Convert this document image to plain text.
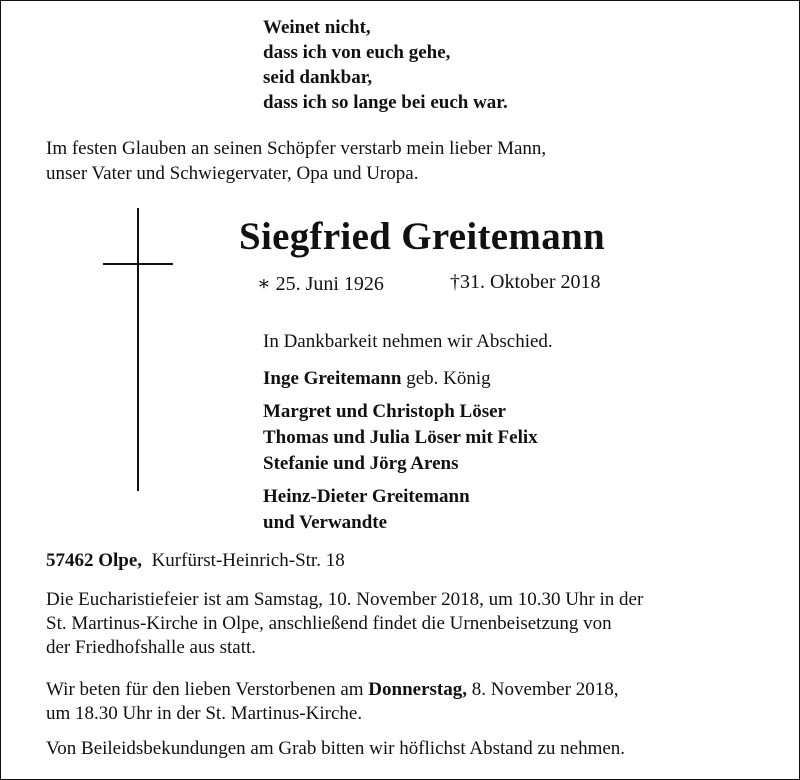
Weinet nicht,
dass ich von euch gehe,
seid dankbar,
dass ich so lange bei euch war.
Im festen Glauben an seinen Schöpfer verstarb mein lieber Mann,
unser Vater und Schwiegervater, Opa und Uropa.
Siegfried Greitemann
∗ 25. Juni 1926	†31. Oktober 2018
In Dankbarkeit nehmen wir Abschied.
Inge Greitemann geb. König
Margret und Christoph Löser
Thomas und Julia Löser mit Felix
Stefanie und Jörg Arens
Heinz-Dieter Greitemann
und Verwandte
57462 Olpe, Kurfürst-Heinrich-Str. 18
Die Eucharistiefeier ist am Samstag, 10. November 2018, um 10.30 Uhr in der
St. Martinus-Kirche in Olpe, anschließend findet die Urnenbeisetzung von
der Friedhofshalle aus statt.
Wir beten für den lieben Verstorbenen am Donnerstag, 8. November 2018,
um 18.30 Uhr in der St. Martinus-Kirche.
Von Beileidsbekundungen am Grab bitten wir höflichst Abstand zu nehmen.
